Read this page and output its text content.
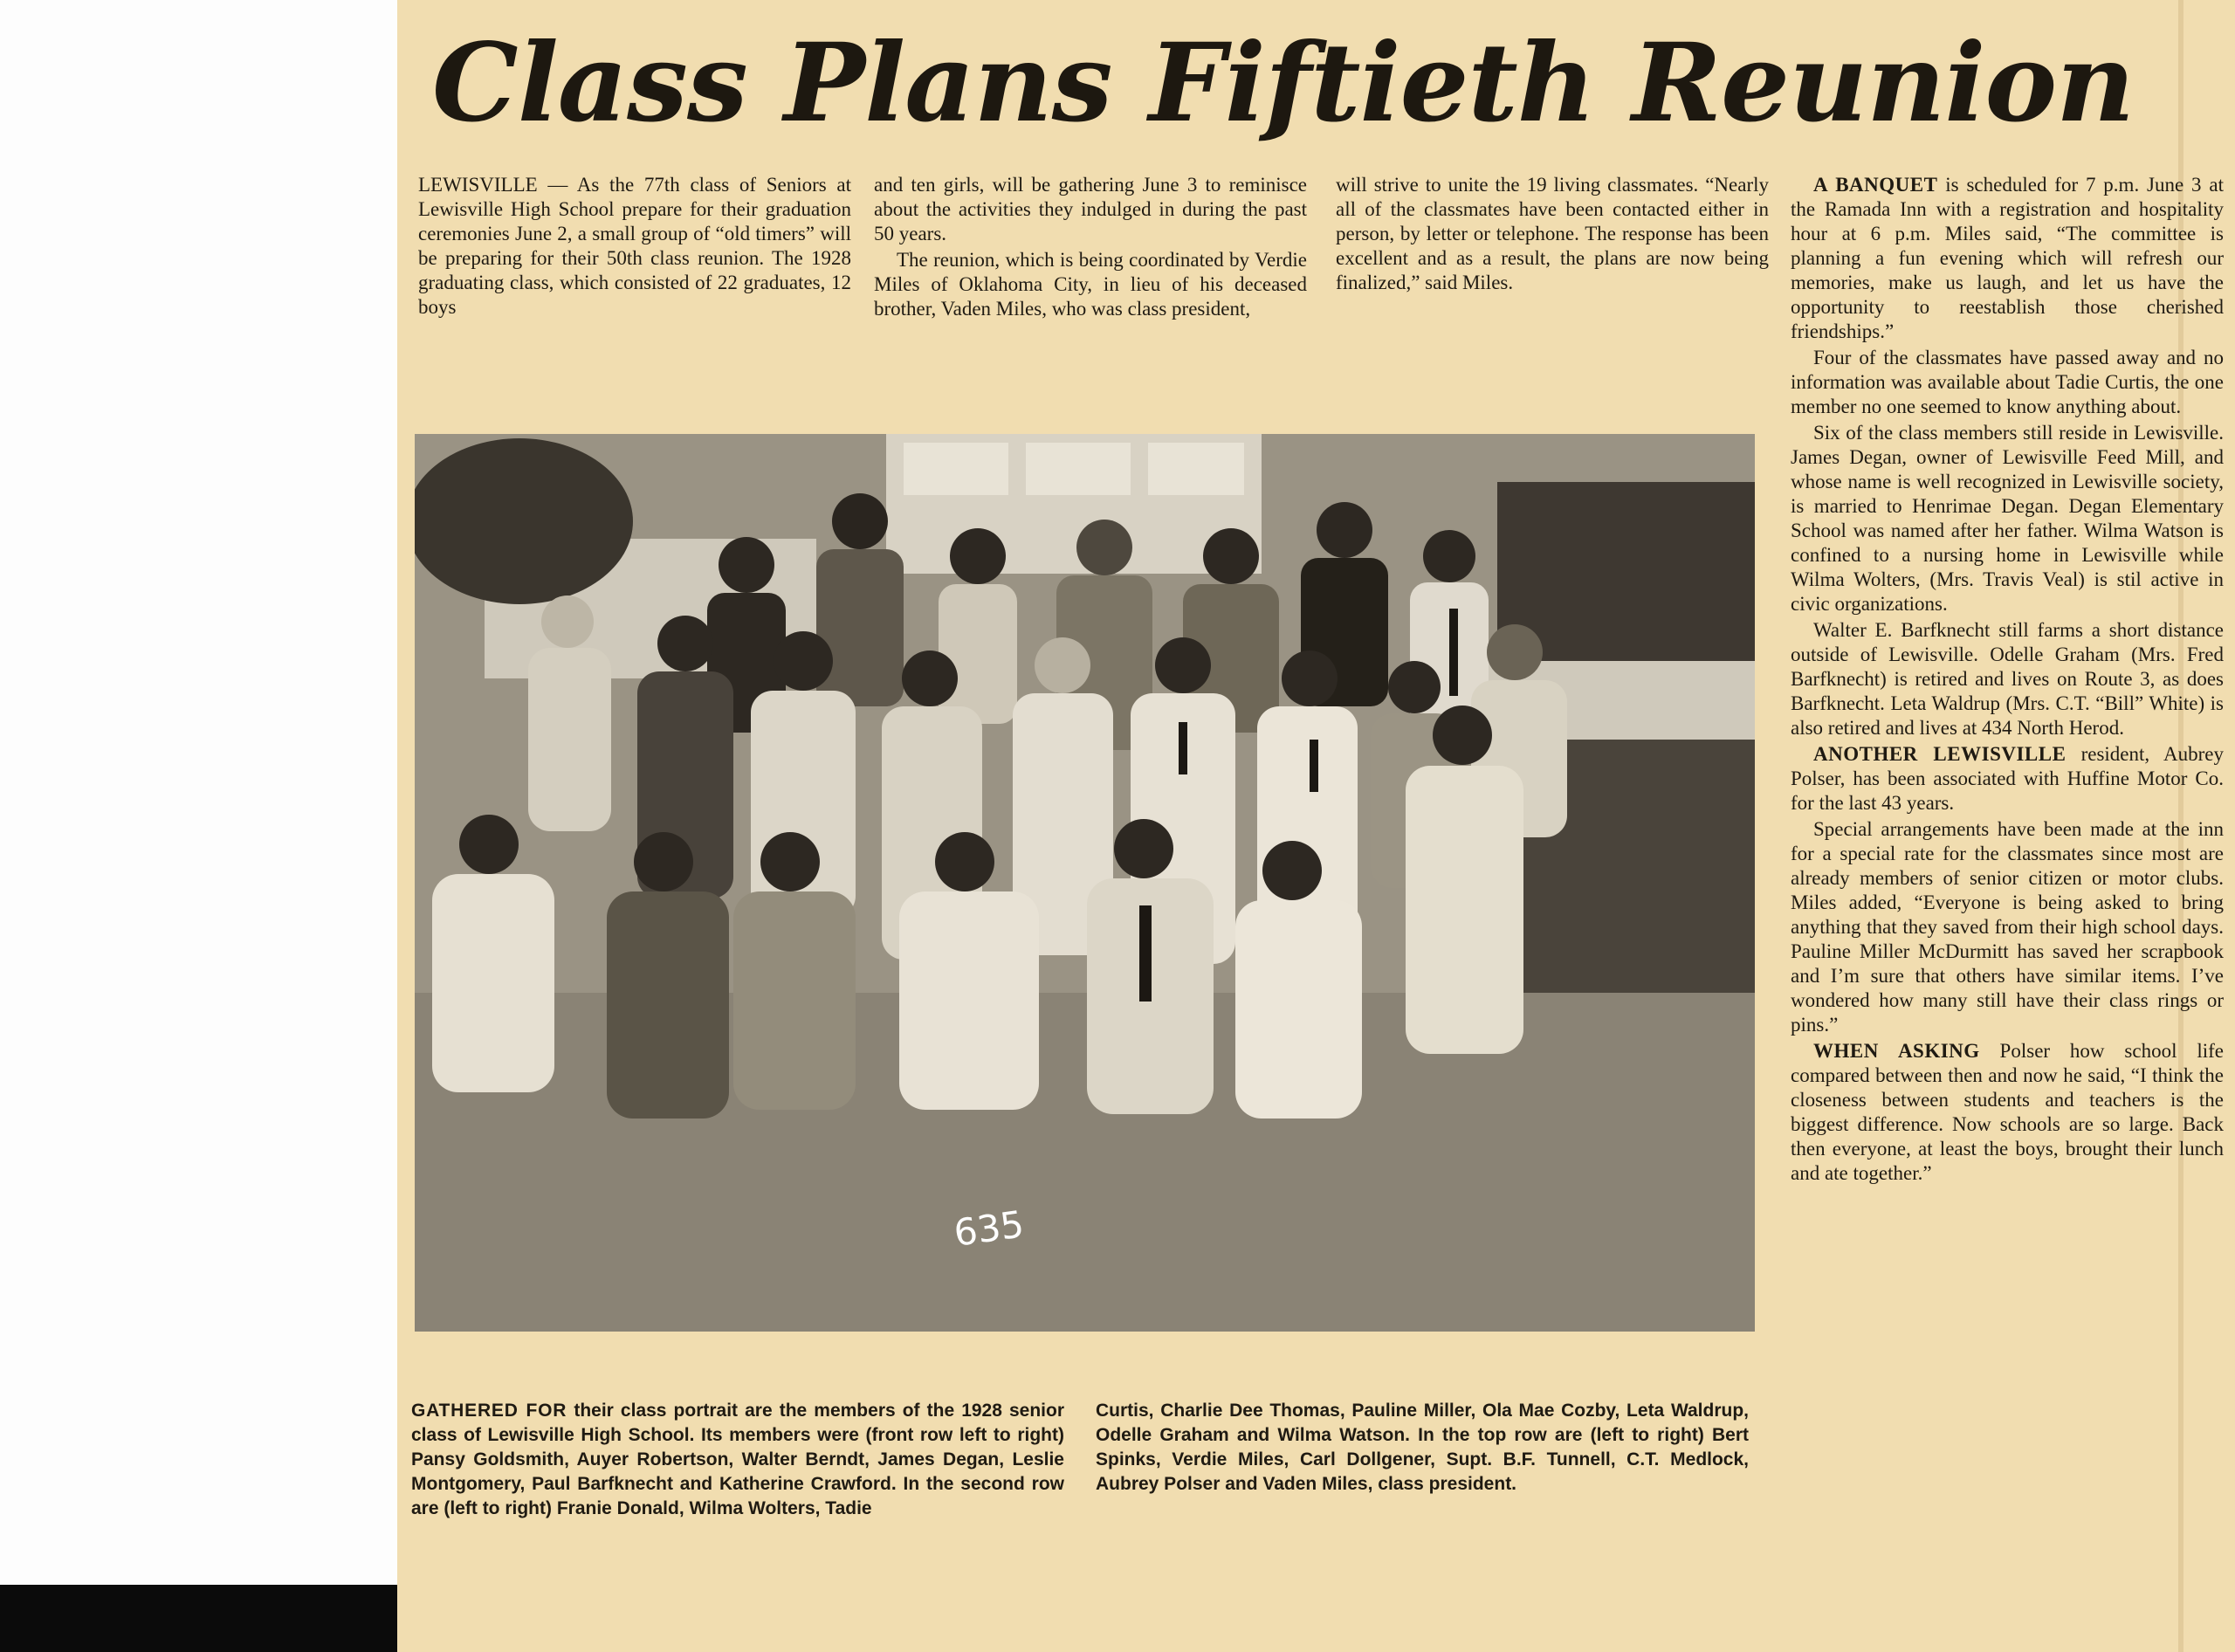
Class Plans Fiftieth Reunion

LEWISVILLE — As the 77th class of Seniors at Lewisville High School prepare for their graduation ceremonies June 2, a small group of “old timers” will be preparing for their 50th class reunion. The 1928 graduating class, which consisted of 22 graduates, 12 boys

and ten girls, will be gathering June 3 to reminisce about the activities they indulged in during the past 50 years.

The reunion, which is being coordinated by Verdie Miles of Oklahoma City, in lieu of his deceased brother, Vaden Miles, who was class president,

will strive to unite the 19 living classmates. “Nearly all of the classmates have been contacted either in person, by letter or telephone. The response has been excellent and as a result, the plans are now being finalized,” said Miles.

A BANQUET is scheduled for 7 p.m. June 3 at the Ramada Inn with a registration and hospitality hour at 6 p.m. Miles said, “The committee is planning a fun evening which will refresh our memories, make us laugh, and let us have the opportunity to reestablish those cherished friendships.”

Four of the classmates have passed away and no information was available about Tadie Curtis, the one member no one seemed to know anything about.

Six of the class members still reside in Lewisville. James Degan, owner of Lewisville Feed Mill, and whose name is well recognized in Lewisville society, is married to Henrimae Degan. Degan Elementary School was named after her father. Wilma Watson is confined to a nursing home in Lewisville while Wilma Wolters, (Mrs. Travis Veal) is stil active in civic organizations.

Walter E. Barfknecht still farms a short distance outside of Lewisville. Odelle Graham (Mrs. Fred Barfknecht) is retired and lives on Route 3, as does Barfknecht. Leta Waldrup (Mrs. C.T. “Bill” White) is also retired and lives at 434 North Herod.

ANOTHER LEWISVILLE resident, Aubrey Polser, has been associated with Huffine Motor Co. for the last 43 years.

Special arrangements have been made at the inn for a special rate for the classmates since most are already members of senior citizen or motor clubs. Miles added, “Everyone is being asked to bring anything that they saved from their high school days. Pauline Miller McDurmitt has saved her scrapbook and I’m sure that others have similar items. I’ve wondered how many still have their class rings or pins.”

WHEN ASKING Polser how school life compared between then and now he said, “I think the closeness between students and teachers is the biggest difference. Now schools are so large. Back then everyone, at least the boys, brought their lunch and ate together.”

635

GATHERED FOR their class portrait are the members of the 1928 senior class of Lewisville High School. Its members were (front row left to right) Pansy Goldsmith, Auyer Robertson, Walter Berndt, James Degan, Leslie Montgomery, Paul Barfknecht and Katherine Crawford. In the second row are (left to right) Franie Donald, Wilma Wolters, Tadie

Curtis, Charlie Dee Thomas, Pauline Miller, Ola Mae Cozby, Leta Waldrup, Odelle Graham and Wilma Watson. In the top row are (left to right) Bert Spinks, Verdie Miles, Carl Dollgener, Supt. B.F. Tunnell, C.T. Medlock, Aubrey Polser and Vaden Miles, class president.
